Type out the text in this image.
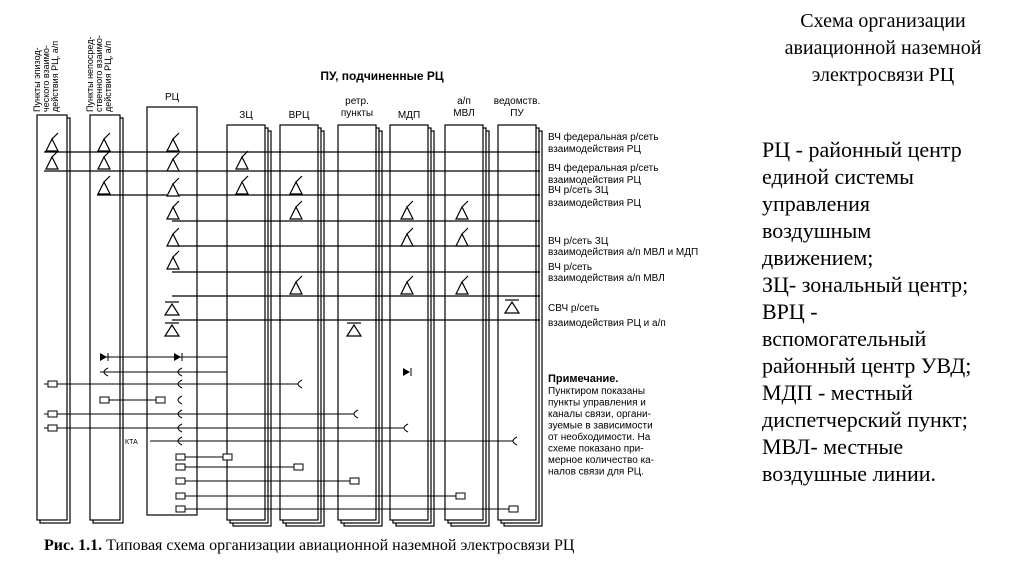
Пункты эпизод- ческого взаимо- действия РЦ, а/п	Пункты непосред- ственного взаимо- действия РЦ, а/п	ПУ, подчиненные РЦ
РЦ
ЗЦ	ВРЦ
ретр.
пункты МДП
а/п
МВЛ
ведомств.
ПУ
ВЧ федеральная р/сеть
взаимодействия РЦ
ВЧ федеральная р/сеть
взаимодействия РЦ
ВЧ р/сеть ЗЦ
взаимодействия РЦ
ВЧ р/сеть ЗЦ
взаимодействия а/п МВЛ и МДП
ВЧ р/сеть
взаимодействия а/п МВЛ
СВЧ р/сеть
взаимодействия РЦ и а/п
КТА
Примечание.
Пунктиром показаны
пункты управления и
каналы связи, органи-
зуемые в зависимости
от необходимости. На
схеме показано при-
мерное количество ка-
налов связи для РЦ.
Схема организации
авиационной наземной
электросвязи РЦ
РЦ - районный центр
единой системы
управления
воздушным
движением;
ЗЦ- зональный центр;
ВРЦ -
вспомогательный
районный центр УВД;
МДП - местный
диспетчерский пункт;
МВЛ- местные
воздушные линии.
Рис. 1.1. Типовая схема организации авиационной наземной электросвязи РЦ
